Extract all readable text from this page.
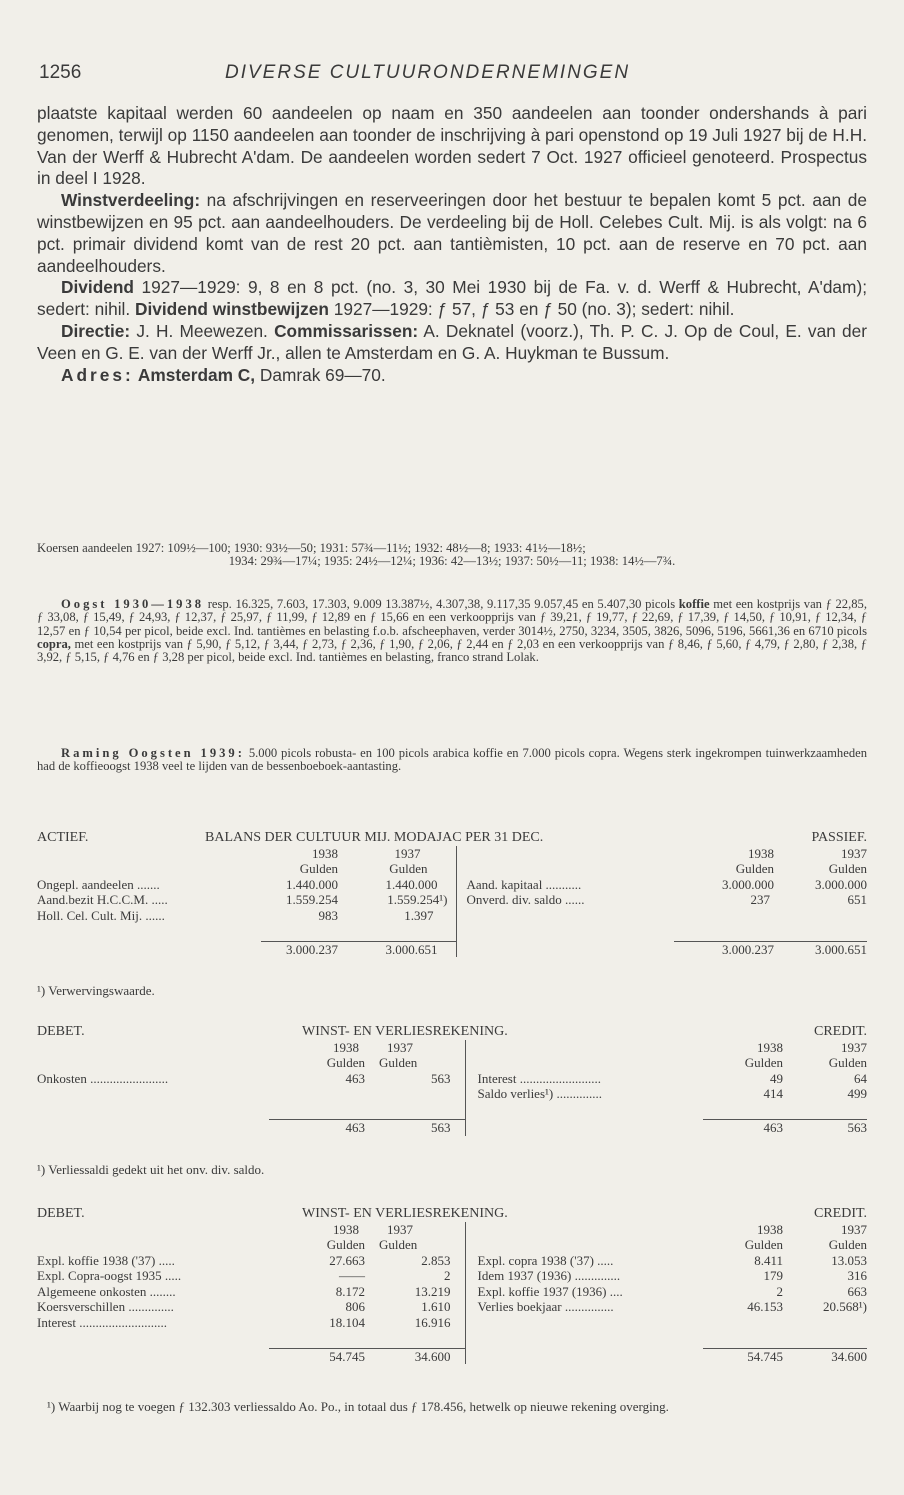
1256	DIVERSE CULTUURONDERNEMINGEN

plaatste kapitaal werden 60 aandeelen op naam en 350 aandeelen aan toonder ondershands à pari genomen, terwijl op 1150 aandeelen aan toonder de inschrijving à pari openstond op 19 Juli 1927 bij de H.H. Van der Werff & Hubrecht A'dam. De aandeelen worden sedert 7 Oct. 1927 officieel genoteerd. Prospectus in deel I 1928.

Winstverdeeling: na afschrijvingen en reserveeringen door het bestuur te bepalen komt 5 pct. aan de winstbewijzen en 95 pct. aan aandeelhouders. De verdeeling bij de Holl. Celebes Cult. Mij. is als volgt: na 6 pct. primair dividend komt van de rest 20 pct. aan tantièmisten, 10 pct. aan de reserve en 70 pct. aan aandeelhouders.

Dividend 1927—1929: 9, 8 en 8 pct. (no. 3, 30 Mei 1930 bij de Fa. v. d. Werff & Hubrecht, A'dam); sedert: nihil. Dividend winstbewijzen 1927—1929: ƒ 57, ƒ 53 en ƒ 50 (no. 3); sedert: nihil.

Directie: J. H. Meewezen. Commissarissen: A. Deknatel (voorz.), Th. P. C. J. Op de Coul, E. van der Veen en G. E. van der Werff Jr., allen te Amsterdam en G. A. Huykman te Bussum.

Adres: Amsterdam C, Damrak 69—70.

Koersen aandeelen 1927: 109½—100; 1930: 93½—50; 1931: 57¾—11½; 1932: 48½—8; 1933: 41½—18½;

1934: 29¾—17¼; 1935: 24½—12¼; 1936: 42—13½; 1937: 50½—11; 1938: 14½—7¾.

Oogst 1930—1938 resp. 16.325, 7.603, 17.303, 9.009 13.387½, 4.307,38, 9.117,35 9.057,45 en 5.407,30 picols koffie met een kostprijs van ƒ 22,85, ƒ 33,08, ƒ 15,49, ƒ 24,93, ƒ 12,37, ƒ 25,97, ƒ 11,99, ƒ 12,89 en ƒ 15,66 en een verkoopprijs van ƒ 39,21, ƒ 19,77, ƒ 22,69, ƒ 17,39, ƒ 14,50, ƒ 10,91, ƒ 12,34, ƒ 12,57 en ƒ 10,54 per picol, beide excl. Ind. tantièmes en belasting f.o.b. afscheephaven, verder 3014½, 2750, 3234, 3505, 3826, 5096, 5196, 5661,36 en 6710 picols copra, met een kostprijs van ƒ 5,90, ƒ 5,12, ƒ 3,44, ƒ 2,73, ƒ 2,36, ƒ 1,90, ƒ 2,06, ƒ 2,44 en ƒ 2,03 en een verkoopprijs van ƒ 8,46, ƒ 5,60, ƒ 4,79, ƒ 2,80, ƒ 2,38, ƒ 3,92, ƒ 5,15, ƒ 4,76 en ƒ 3,28 per picol, beide excl. Ind. tantièmes en belasting, franco strand Lolak.

Raming Oogsten 1939: 5.000 picols robusta- en 100 picols arabica koffie en 7.000 picols copra. Wegens sterk ingekrompen tuinwerkzaamheden had de koffieoogst 1938 veel te lijden van de bessenboeboek-aantasting.

ACTIEF.	BALANS DER CULTUUR MIJ. MODAJAC PER 31 DEC.				PASSIEF.
	1938	1937		1938	1937
	Gulden	Gulden		Gulden	Gulden
Ongepl. aandeelen .......	1.440.000	1.440.000	Aand. kapitaal ...........	3.000.000	3.000.000
Aand.bezit H.C.C.M. .....	1.559.254	1.559.254¹)	Onverd. div. saldo ......	237	651
Holl. Cel. Cult. Mij. ......	983	1.397			

	3.000.237	3.000.651		3.000.237	3.000.651
¹) Verwervingswaarde.
DEBET.	WINST- EN VERLIESREKENING.				CREDIT.
	1938	1937		1938	1937
	Gulden	Gulden		Gulden	Gulden
Onkosten ........................	463	563	Interest .........................	49	64
			Saldo verlies¹) ..............	414	499

	463	563		463	563
¹) Verliessaldi gedekt uit het onv. div. saldo.
DEBET.	WINST- EN VERLIESREKENING.				CREDIT.
	1938	1937		1938	1937
	Gulden	Gulden		Gulden	Gulden
Expl. koffie 1938 ('37) .....	27.663	2.853	Expl. copra 1938 ('37) .....	8.411	13.053
Expl. Copra-oogst 1935 .....	——	2	Idem 1937 (1936) ..............	179	316
Algemeene onkosten ........	8.172	13.219	Expl. koffie 1937 (1936) ....	2	663
Koersverschillen ..............	806	1.610	Verlies boekjaar ...............	46.153	20.568¹)
Interest ...........................	18.104	16.916			

	54.745	34.600		54.745	34.600
¹) Waarbij nog te voegen ƒ 132.303 verliessaldo Ao. Po., in totaal dus ƒ 178.456, hetwelk op nieuwe rekening overging.
